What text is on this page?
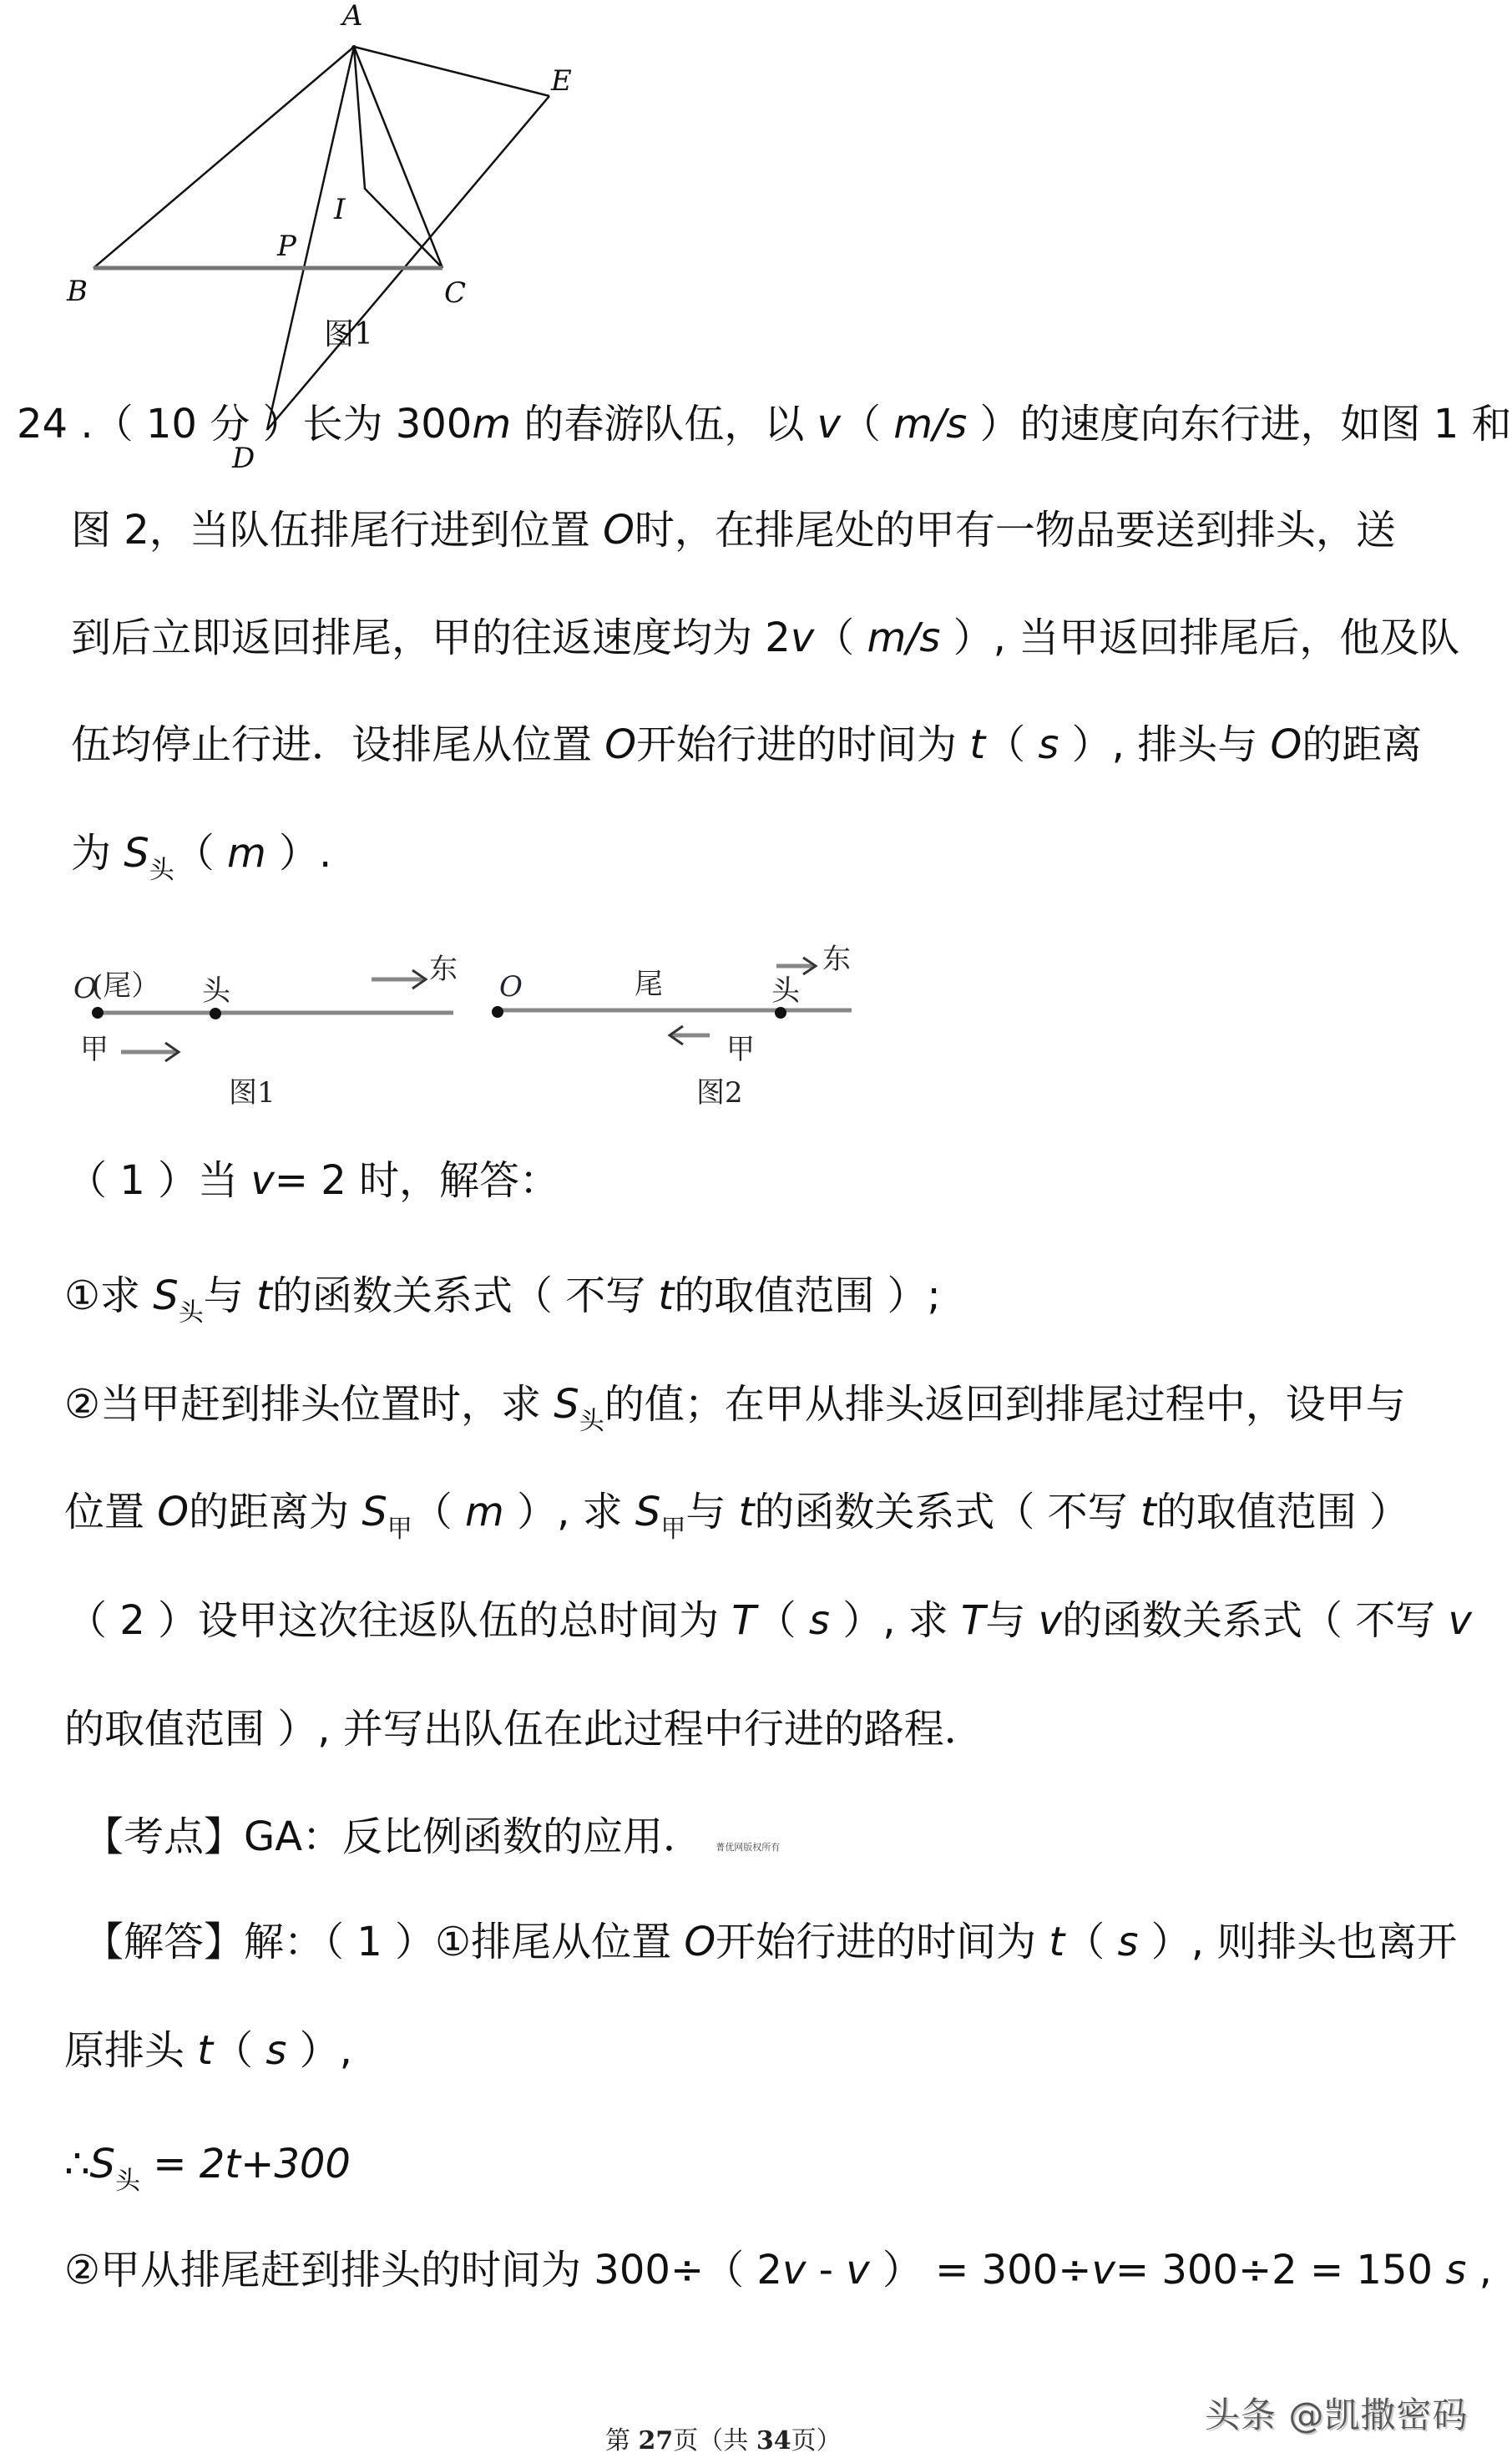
A
E
B	C
I
P
D
图1
24 .（ 10 分 ）长为 300m 的春游队伍，以 v（ m/s ）的速度向东行进，如图 1 和
图 2，当队伍排尾行进到位置 O时，在排尾处的甲有一物品要送到排头，送
到后立即返回排尾，甲的往返速度均为 2v（ m/s ）, 当甲返回排尾后，他及队
伍均停止行进．设排尾从位置 O开始行进的时间为 t（ s ）, 排头与 O的距离
为 $S_头$（ m ）.
O
(尾） 头
东
甲
图1
O	尾	头
东
甲
图2
（ 1 ）当 v= 2 时，解答：
①求 $S_头$与 t的函数关系式（ 不写 t的取值范围 ）;
②当甲赶到排头位置时，求 $S_头$的值；在甲从排头返回到排尾过程中，设甲与
位置 O的距离为 $S_甲$（ m ）, 求 $S_甲$与 t的函数关系式（ 不写 t的取值范围 ）
（ 2 ）设甲这次往返队伍的总时间为 T（ s ）, 求 T与 v的函数关系式（ 不写 v
的取值范围 ）, 并写出队伍在此过程中行进的路程．
【考点】GA：反比例函数的应用． 菁优网版权所有
【解答】解：（ 1 ）①排尾从位置 O开始行进的时间为 t（ s ）, 则排头也离开
原排头 t（ s ）,
$\therefore S_头 = 2t+300$
②甲从排尾赶到排头的时间为 300÷（ 2v - v ） = 300÷v= 300÷2 = 150 s ,
头条 @凯撒密码
第 27页（共 34页）
